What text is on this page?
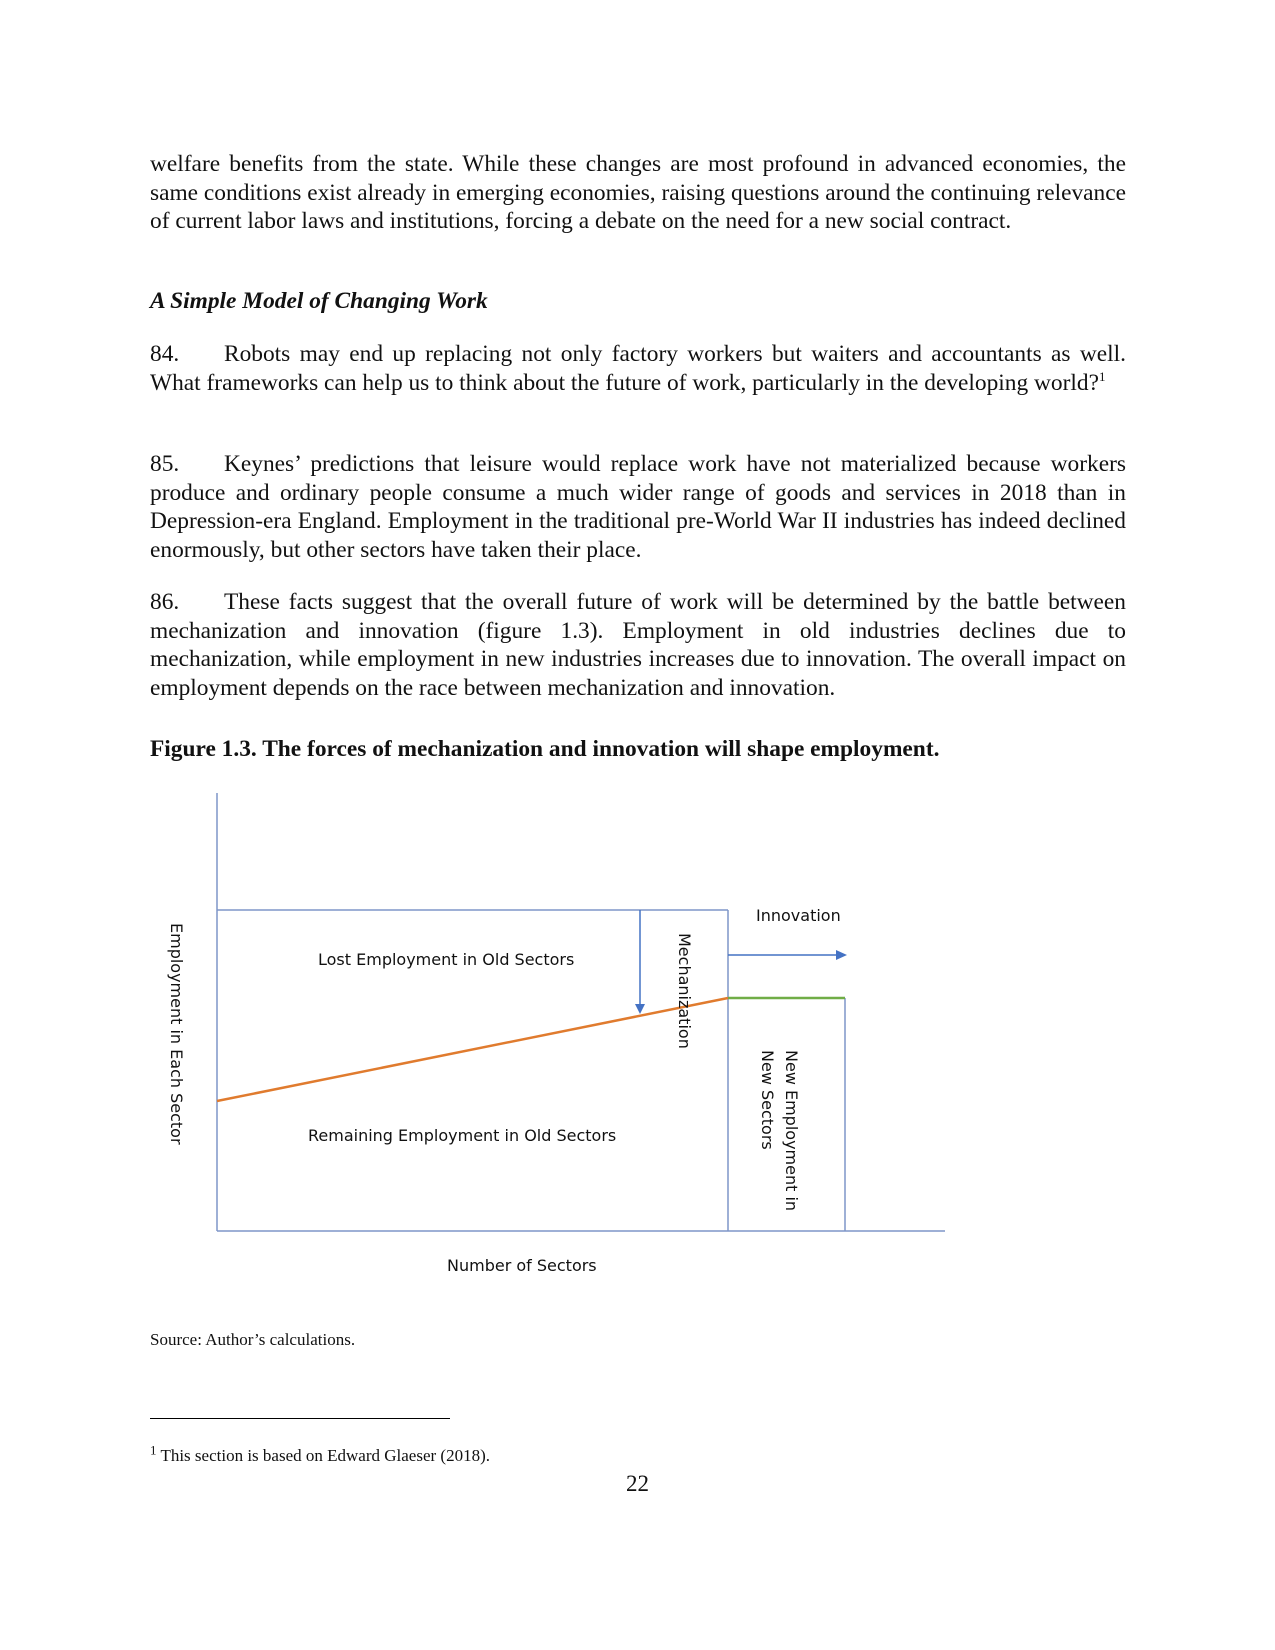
welfare benefits from the state. While these changes are most profound in advanced economies, the same conditions exist already in emerging economies, raising questions around the continuing relevance of current labor laws and institutions, forcing a debate on the need for a new social contract.

A Simple Model of Changing Work

84. Robots may end up replacing not only factory workers but waiters and accountants as well. What frameworks can help us to think about the future of work, particularly in the developing world?$^1$

85. Keynes’ predictions that leisure would replace work have not materialized because workers produce and ordinary people consume a much wider range of goods and services in 2018 than in Depression-era England. Employment in the traditional pre-World War II industries has indeed declined enormously, but other sectors have taken their place.

86. These facts suggest that the overall future of work will be determined by the battle between mechanization and innovation (figure 1.3). Employment in old industries declines due to mechanization, while employment in new industries increases due to innovation. The overall impact on employment depends on the race between mechanization and innovation.

Figure 1.3. The forces of mechanization and innovation will shape employment.

Lost Employment in Old Sectors
Remaining Employment in Old Sectors
Innovation
Number of Sectors
Employment in Each Sector	Mechanization
New Employment in
New Sectors

Source: Author’s calculations.

$^1$ This section is based on Edward Glaeser (2018).

22
